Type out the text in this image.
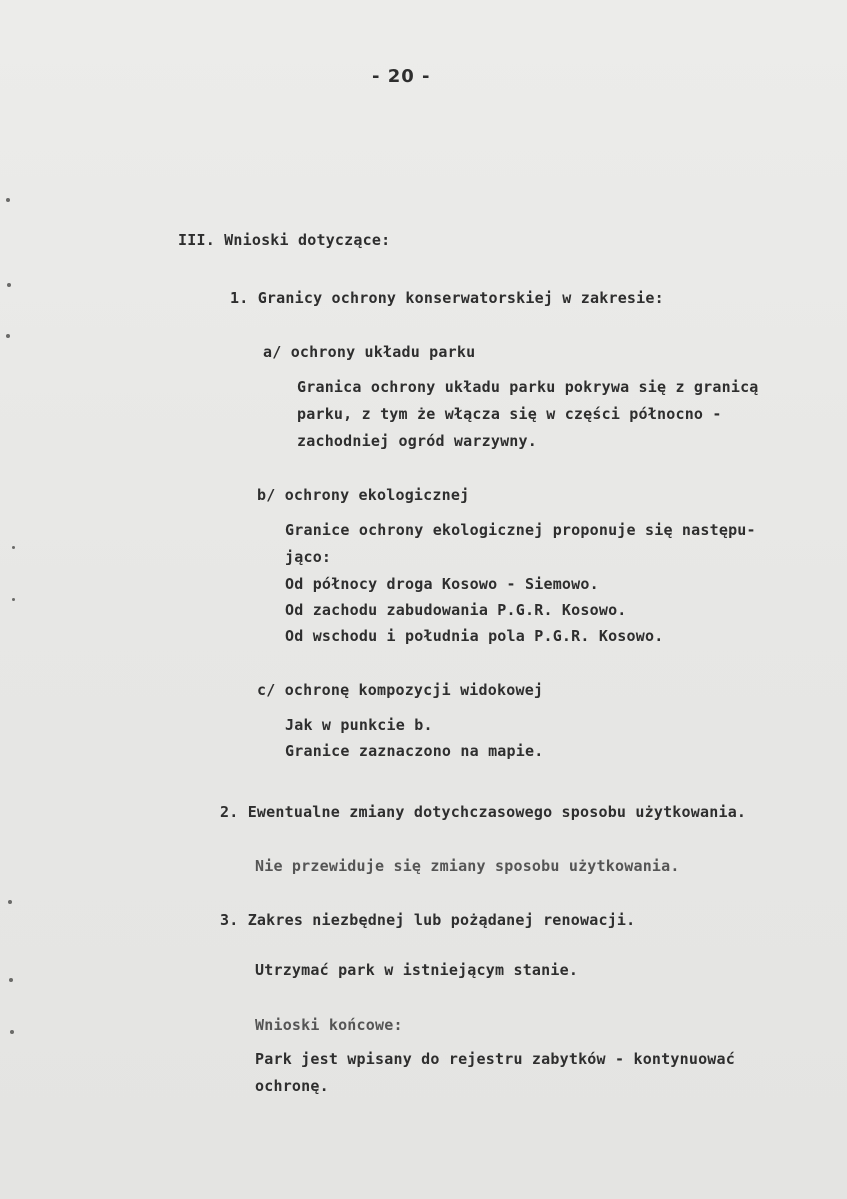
- 20 -
III. Wnioski dotyczące:
1. Granicy ochrony konserwatorskiej w zakresie:
a/ ochrony układu parku
Granica ochrony układu parku pokrywa się z granicą
parku, z tym że włącza się w części północno -
zachodniej ogród warzywny.
b/ ochrony ekologicznej
Granice ochrony ekologicznej proponuje się następu-
jąco:
Od północy droga Kosowo - Siemowo.
Od zachodu zabudowania P.G.R. Kosowo.
Od wschodu i południa pola P.G.R. Kosowo.
c/ ochronę kompozycji widokowej
Jak w punkcie b.
Granice zaznaczono na mapie.
2. Ewentualne zmiany dotychczasowego sposobu użytkowania.
Nie przewiduje się zmiany sposobu użytkowania.
3. Zakres niezbędnej lub pożądanej renowacji.
Utrzymać park w istniejącym stanie.
Wnioski końcowe:
Park jest wpisany do rejestru zabytków - kontynuować
ochronę.
